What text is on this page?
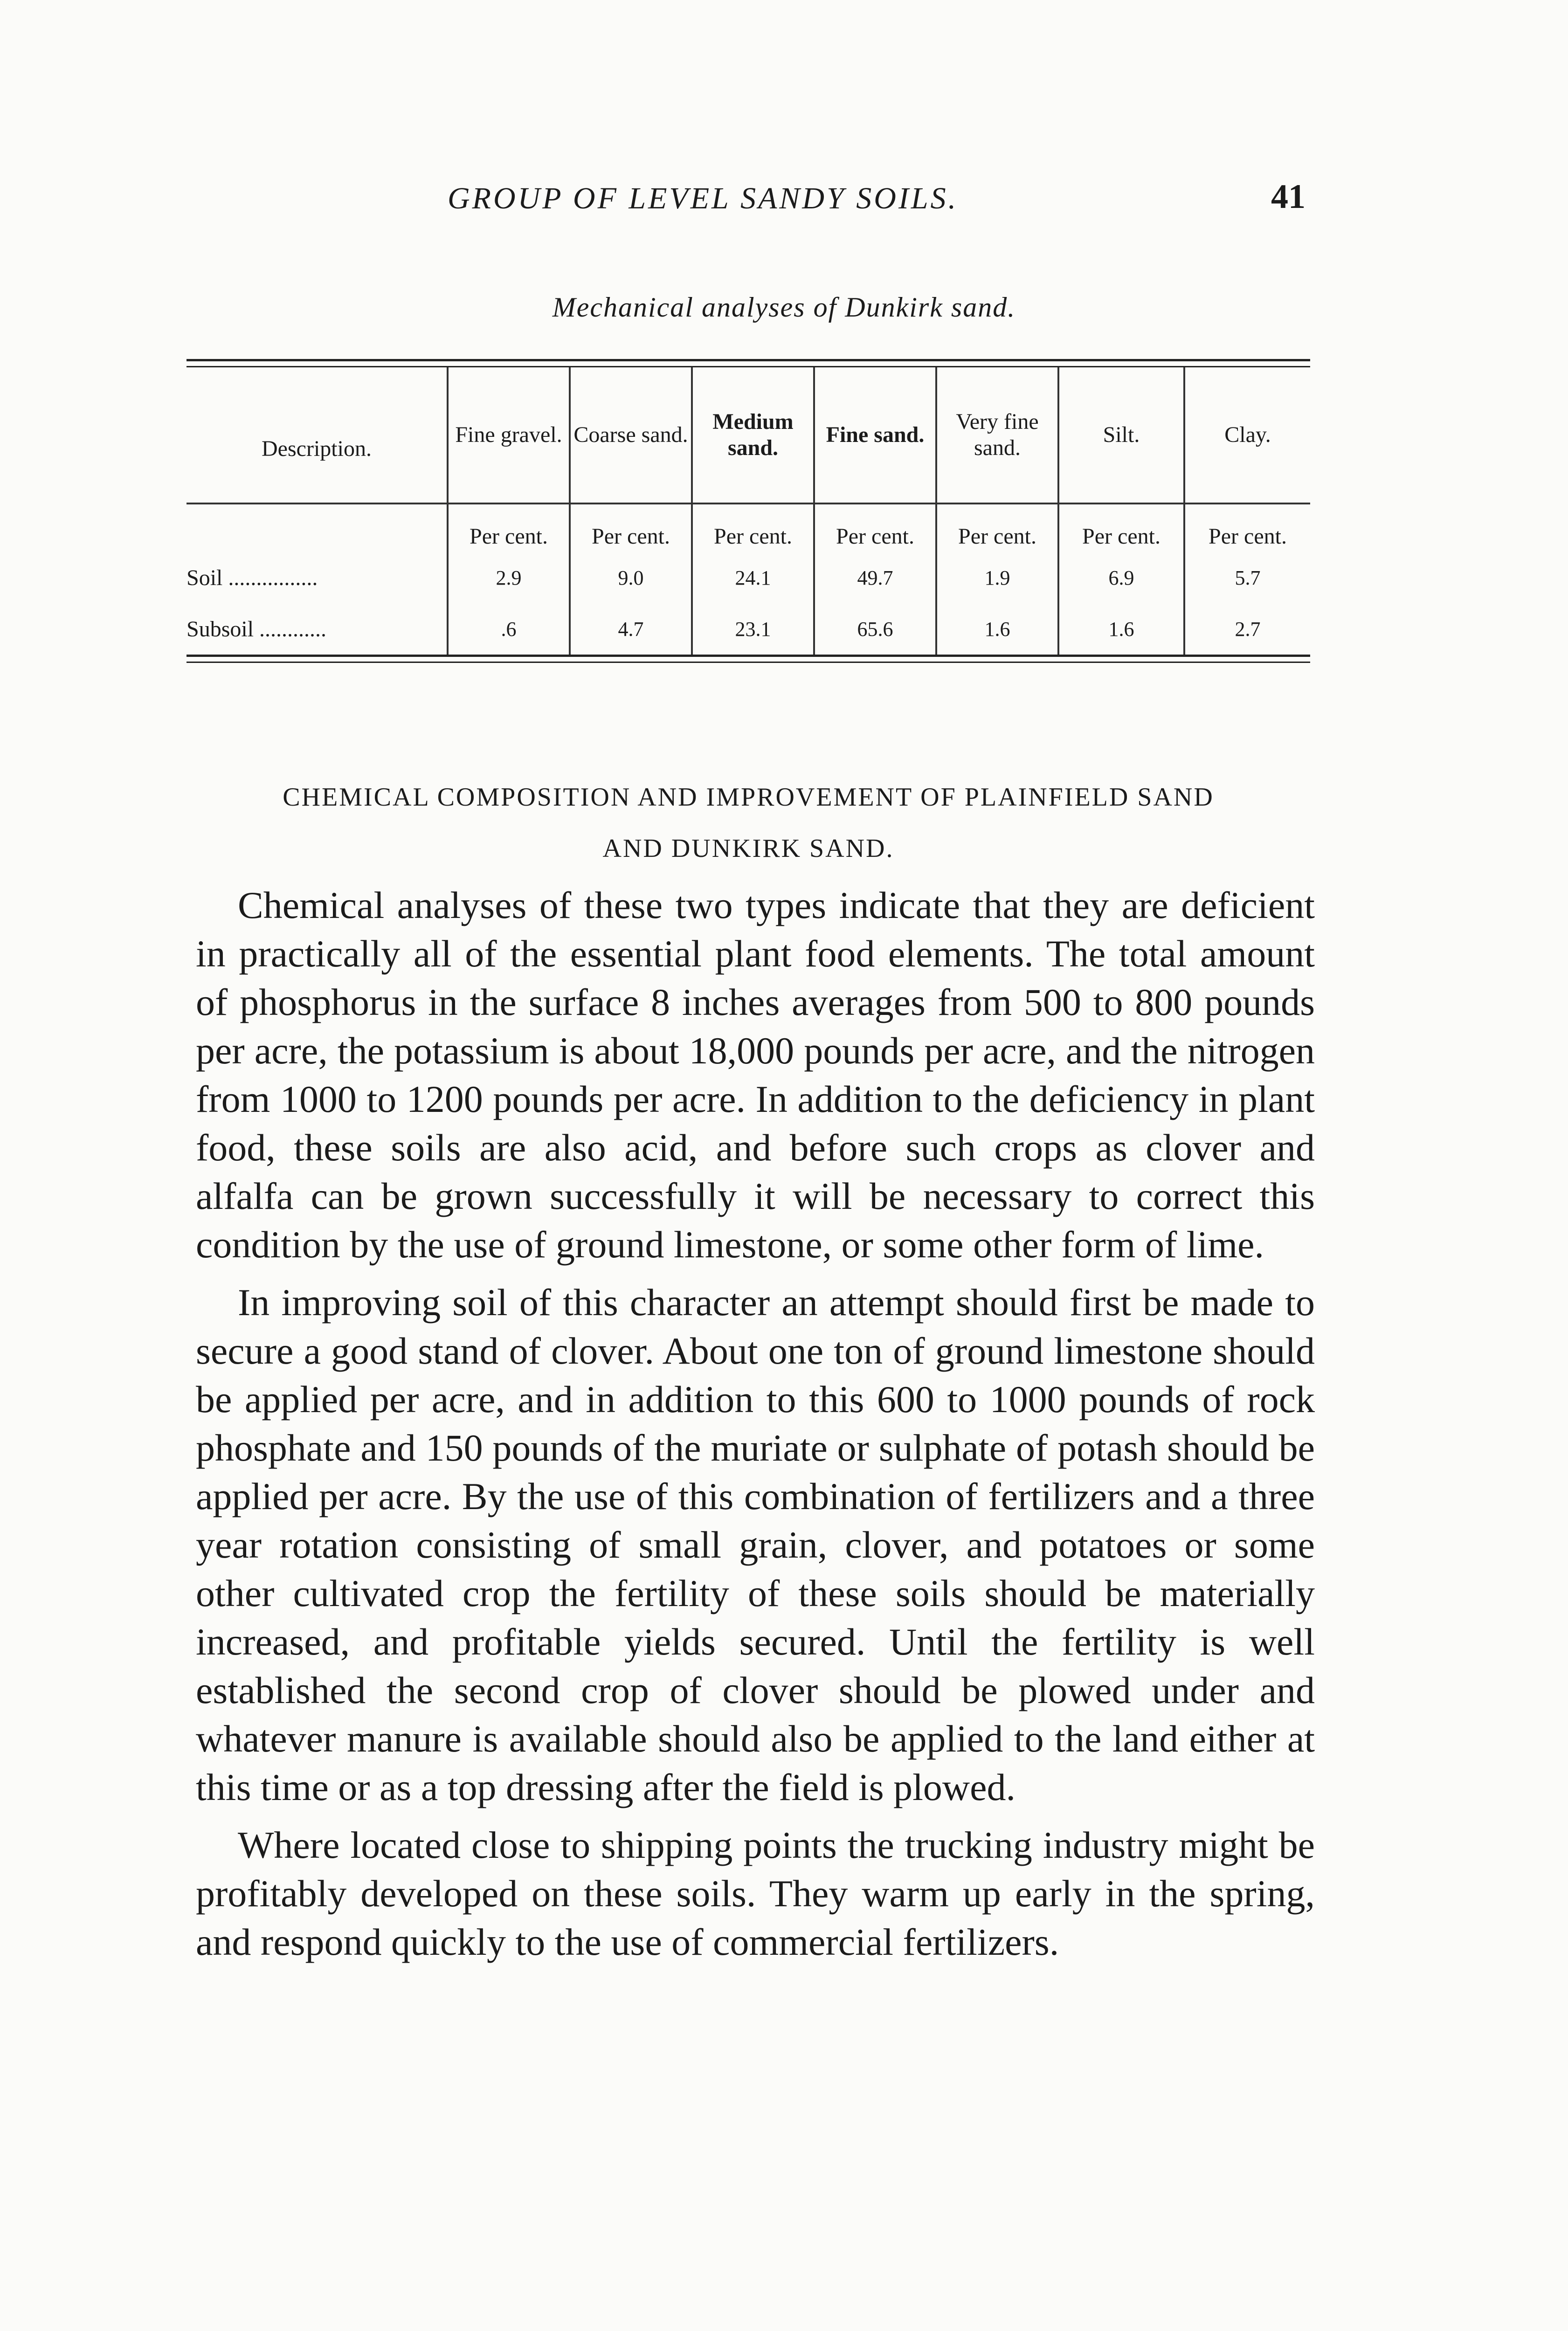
GROUP OF LEVEL SANDY SOILS.	41
Mechanical analyses of Dunkirk sand.
Description.	Fine gravel.	Coarse sand.	Medium sand.	Fine sand.	Very fine sand.	Silt.	Clay.
	Per cent.	Per cent.	Per cent.	Per cent.	Per cent.	Per cent.	Per cent.
Soil ................	2.9	9.0	24.1	49.7	1.9	6.9	5.7
Subsoil ............	.6	4.7	23.1	65.6	1.6	1.6	2.7
CHEMICAL COMPOSITION AND IMPROVEMENT OF PLAINFIELD SAND
AND DUNKIRK SAND.

Chemical analyses of these two types indicate that they are deficient in practically all of the essential plant food elements. The total amount of phosphorus in the surface 8 inches averages from 500 to 800 pounds per acre, the potassium is about 18,000 pounds per acre, and the nitrogen from 1000 to 1200 pounds per acre. In addition to the deficiency in plant food, these soils are also acid, and before such crops as clover and alfalfa can be grown successfully it will be necessary to correct this condition by the use of ground limestone, or some other form of lime.

In improving soil of this character an attempt should first be made to secure a good stand of clover. About one ton of ground limestone should be applied per acre, and in addition to this 600 to 1000 pounds of rock phosphate and 150 pounds of the muriate or sulphate of potash should be applied per acre. By the use of this combination of fertilizers and a three year rotation consisting of small grain, clover, and potatoes or some other cultivated crop the fertility of these soils should be materially increased, and profitable yields secured. Until the fertility is well established the second crop of clover should be plowed under and whatever manure is available should also be applied to the land either at this time or as a top dressing after the field is plowed.

Where located close to shipping points the trucking industry might be profitably developed on these soils. They warm up early in the spring, and respond quickly to the use of commercial fertilizers.
